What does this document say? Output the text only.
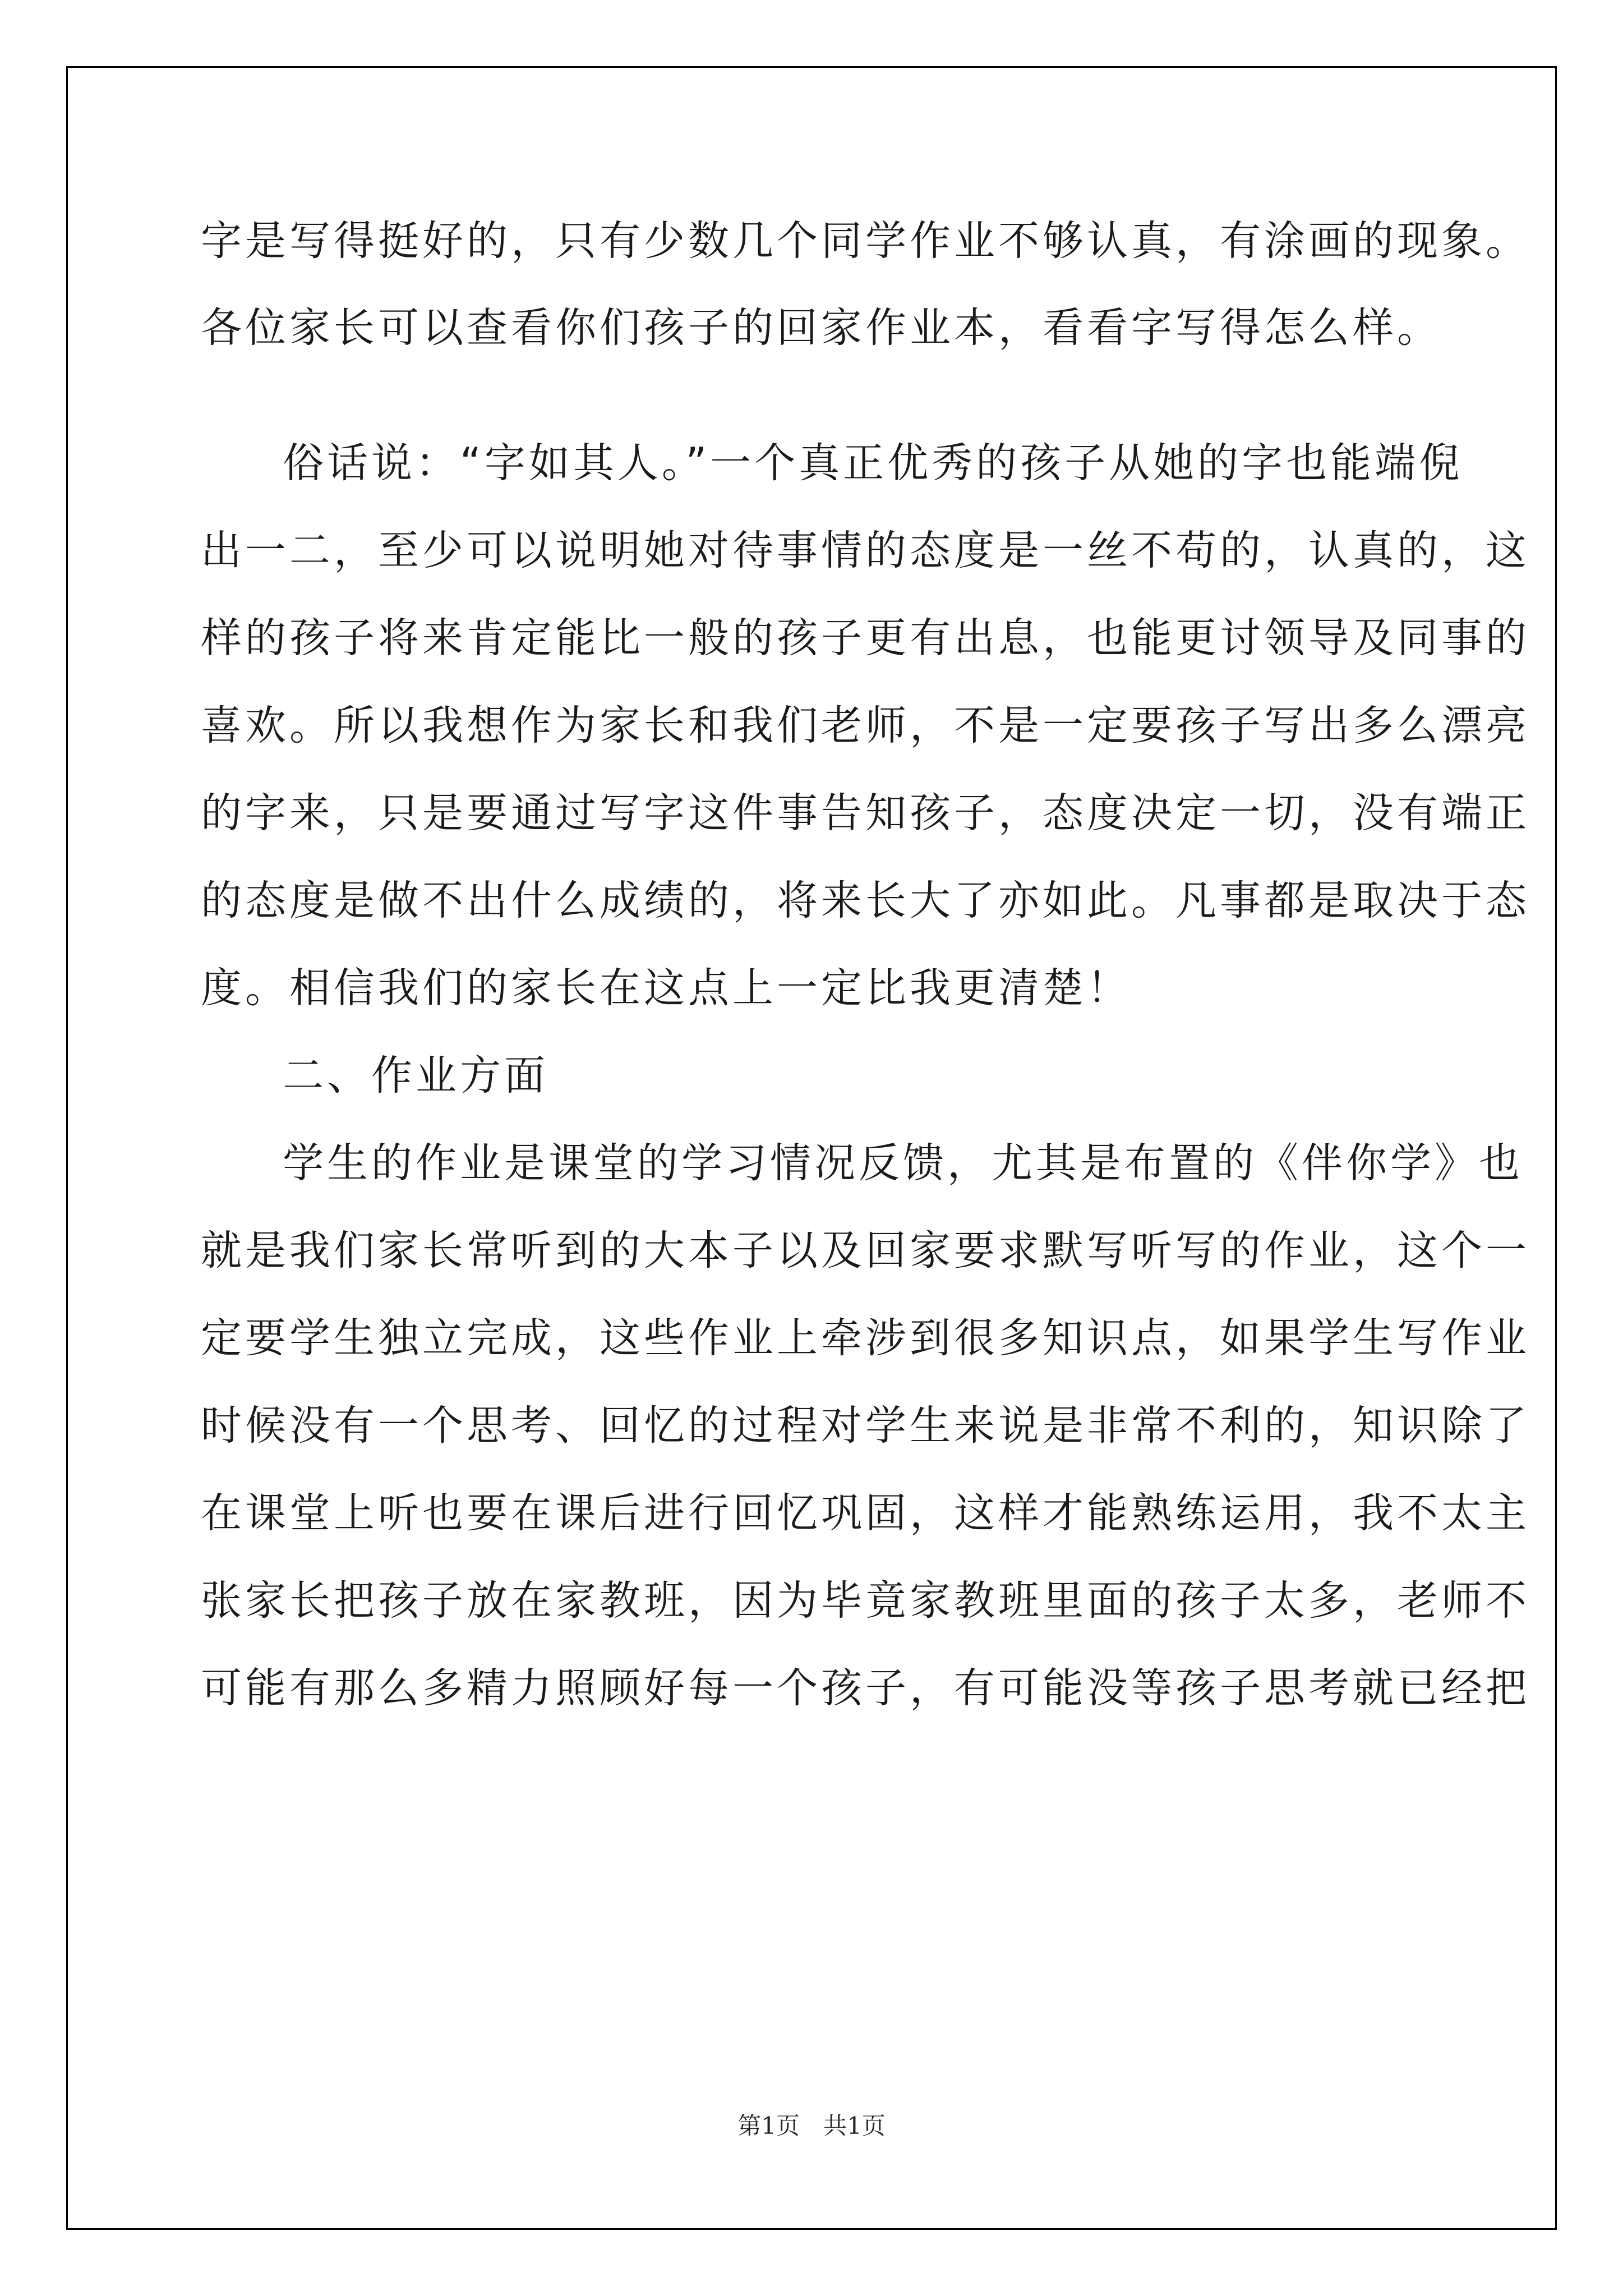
字是写得挺好的，只有少数几个同学作业不够认真，有涂画的现象。
各位家长可以查看你们孩子的回家作业本，看看字写得怎么样。
俗话说：“字如其人。”一个真正优秀的孩子从她的字也能端倪
出一二，至少可以说明她对待事情的态度是一丝不苟的，认真的，这
样的孩子将来肯定能比一般的孩子更有出息，也能更讨领导及同事的
喜欢。所以我想作为家长和我们老师，不是一定要孩子写出多么漂亮
的字来，只是要通过写字这件事告知孩子，态度决定一切，没有端正
的态度是做不出什么成绩的，将来长大了亦如此。凡事都是取决于态
度。相信我们的家长在这点上一定比我更清楚！
二、作业方面
学生的作业是课堂的学习情况反馈，尤其是布置的《伴你学》也
就是我们家长常听到的大本子以及回家要求默写听写的作业，这个一
定要学生独立完成，这些作业上牵涉到很多知识点，如果学生写作业
时候没有一个思考、回忆的过程对学生来说是非常不利的，知识除了
在课堂上听也要在课后进行回忆巩固，这样才能熟练运用，我不太主
张家长把孩子放在家教班，因为毕竟家教班里面的孩子太多，老师不
可能有那么多精力照顾好每一个孩子，有可能没等孩子思考就已经把
第1页　共1页
